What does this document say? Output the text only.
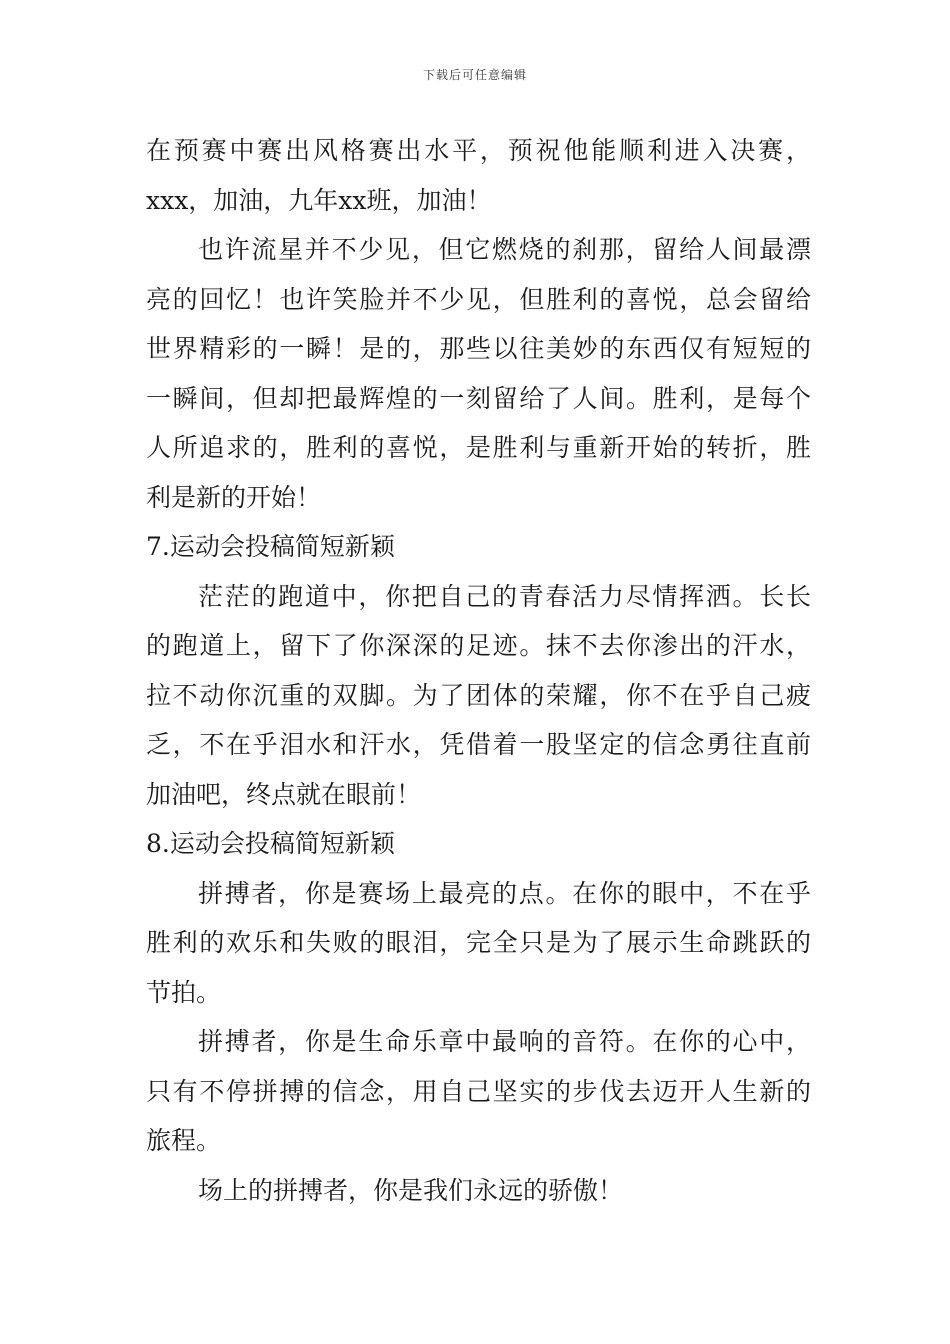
下载后可任意编辑
在预赛中赛出风格赛出水平，预祝他能顺利进入决赛，
xxx，加油，九年xx班，加油！
也许流星并不少见，但它燃烧的刹那，留给人间最漂
亮的回忆！也许笑脸并不少见，但胜利的喜悦，总会留给
世界精彩的一瞬！是的，那些以往美妙的东西仅有短短的
一瞬间，但却把最辉煌的一刻留给了人间。胜利，是每个
人所追求的，胜利的喜悦，是胜利与重新开始的转折，胜
利是新的开始！
7.运动会投稿简短新颖
茫茫的跑道中，你把自己的青春活力尽情挥洒。长长
的跑道上，留下了你深深的足迹。抹不去你渗出的汗水，
拉不动你沉重的双脚。为了团体的荣耀，你不在乎自己疲
乏，不在乎泪水和汗水，凭借着一股坚定的信念勇往直前
加油吧，终点就在眼前！
8.运动会投稿简短新颖
拼搏者，你是赛场上最亮的点。在你的眼中，不在乎
胜利的欢乐和失败的眼泪，完全只是为了展示生命跳跃的
节拍。
拼搏者，你是生命乐章中最响的音符。在你的心中，
只有不停拼搏的信念，用自己坚实的步伐去迈开人生新的
旅程。
场上的拼搏者，你是我们永远的骄傲！
